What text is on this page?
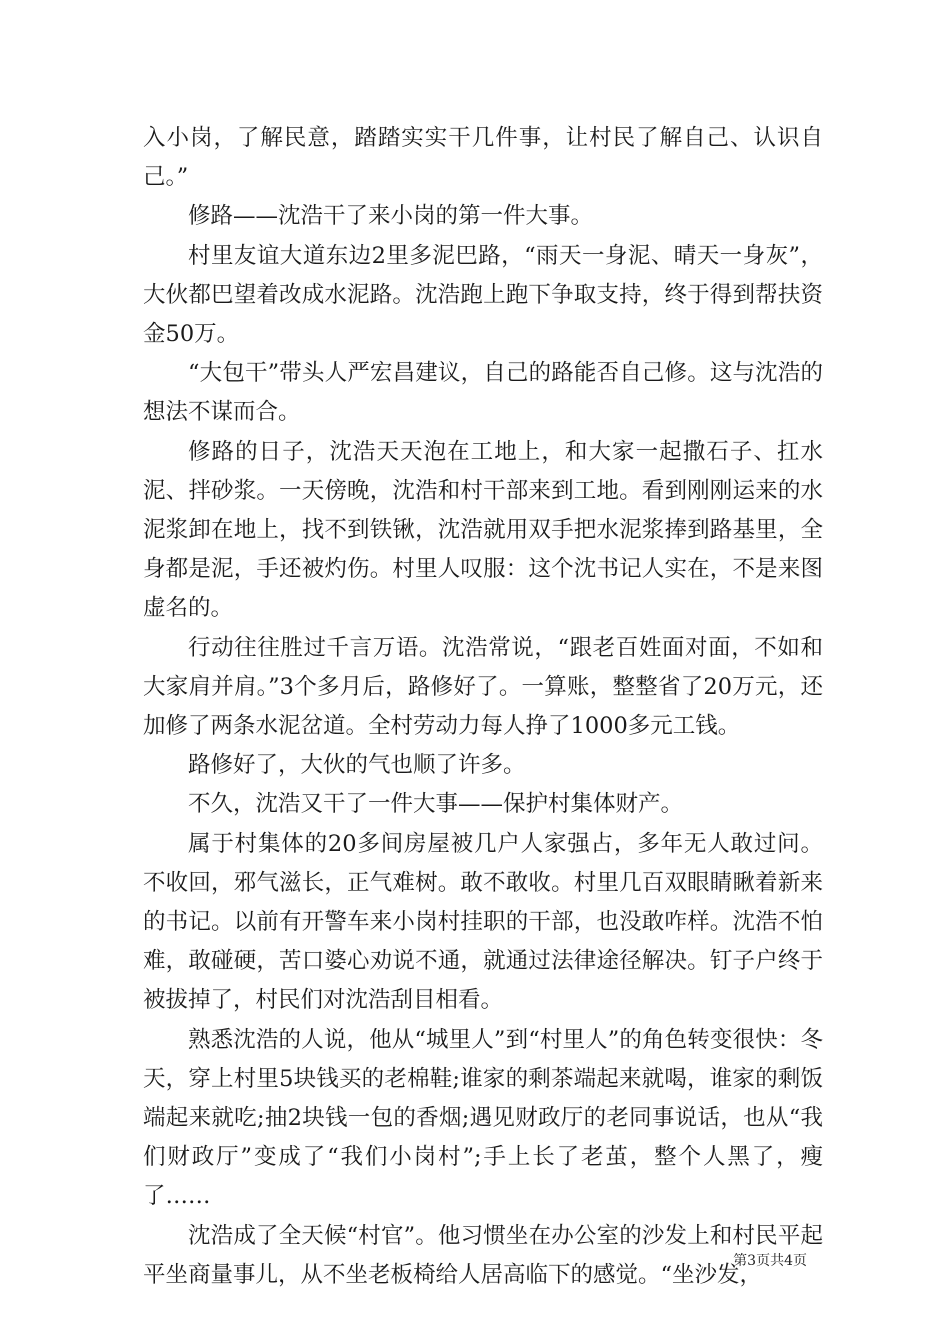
入小岗，了解民意，踏踏实实干几件事，让村民了解自己、认识自己。”

修路——沈浩干了来小岗的第一件大事。

村里友谊大道东边2里多泥巴路，“雨天一身泥、晴天一身灰”，大伙都巴望着改成水泥路。沈浩跑上跑下争取支持，终于得到帮扶资金50万。

“大包干”带头人严宏昌建议，自己的路能否自己修。这与沈浩的想法不谋而合。

修路的日子，沈浩天天泡在工地上，和大家一起撒石子、扛水泥、拌砂浆。一天傍晚，沈浩和村干部来到工地。看到刚刚运来的水泥浆卸在地上，找不到铁锹，沈浩就用双手把水泥浆捧到路基里，全身都是泥，手还被灼伤。村里人叹服：这个沈书记人实在，不是来图虚名的。

行动往往胜过千言万语。沈浩常说，“跟老百姓面对面，不如和大家肩并肩。”3个多月后，路修好了。一算账，整整省了20万元，还加修了两条水泥岔道。全村劳动力每人挣了1000多元工钱。

路修好了，大伙的气也顺了许多。

不久，沈浩又干了一件大事——保护村集体财产。

属于村集体的20多间房屋被几户人家强占，多年无人敢过问。不收回，邪气滋长，正气难树。敢不敢收。村里几百双眼睛瞅着新来的书记。以前有开警车来小岗村挂职的干部，也没敢咋样。沈浩不怕难，敢碰硬，苦口婆心劝说不通，就通过法律途径解决。钉子户终于被拔掉了，村民们对沈浩刮目相看。

熟悉沈浩的人说，他从“城里人”到“村里人”的角色转变很快：冬天，穿上村里5块钱买的老棉鞋;谁家的剩茶端起来就喝，谁家的剩饭端起来就吃;抽2块钱一包的香烟;遇见财政厅的老同事说话，也从“我们财政厅”变成了“我们小岗村”;手上长了老茧，整个人黑了，瘦了……

沈浩成了全天候“村官”。他习惯坐在办公室的沙发上和村民平起平坐商量事儿，从不坐老板椅给人居高临下的感觉。“坐沙发，

第3页共4页
